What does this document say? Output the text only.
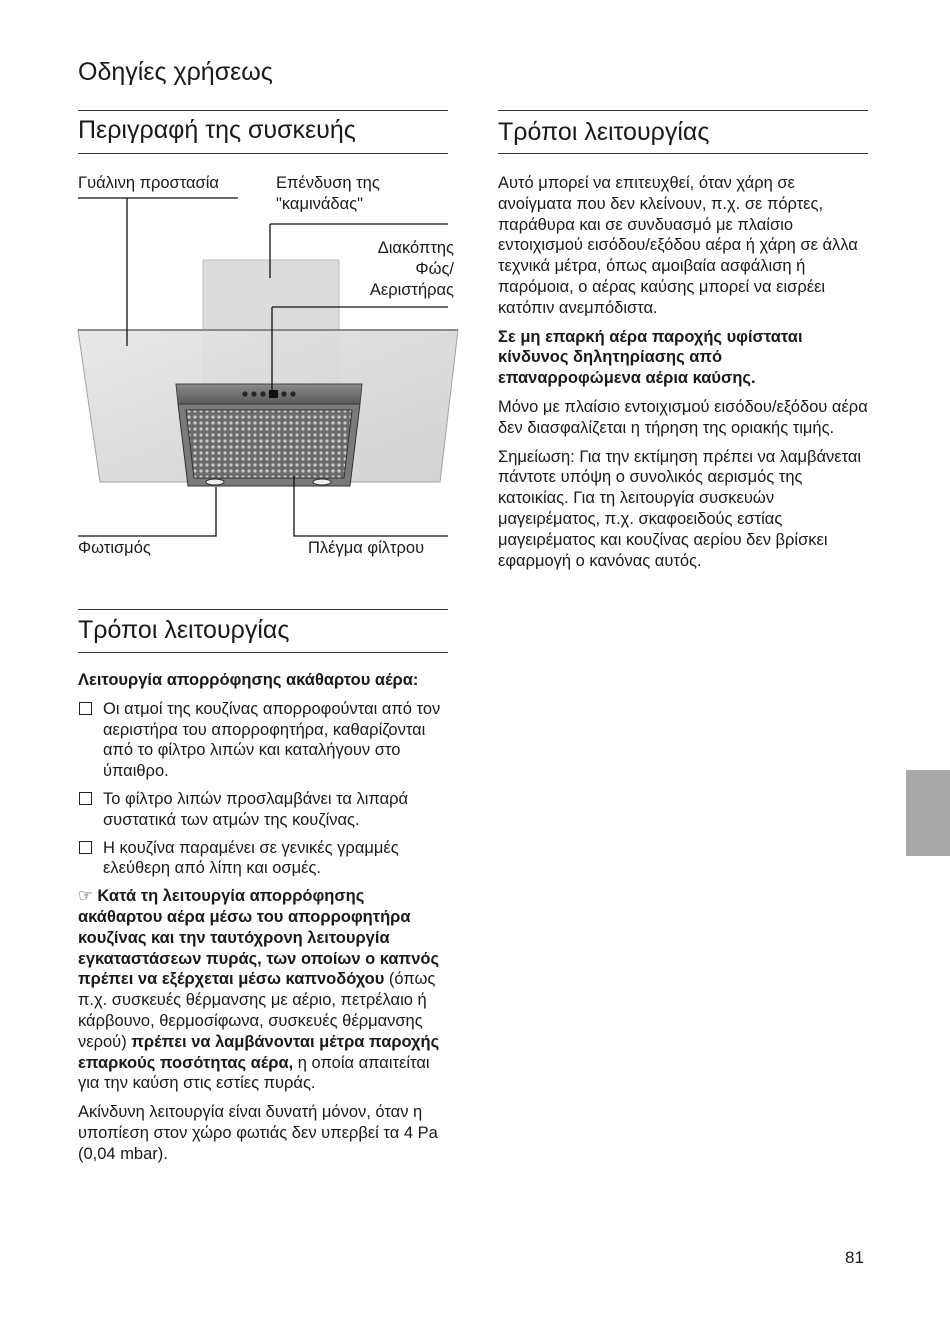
Οδηγίες χρήσεως
Περιγραφή της συσκευής
Γυάλινη προστασία	Επένδυση της
"καμινάδας"
Διακόπτης
Φώς/
Αεριστήρας
Φωτισμός	Πλέγμα φίλτρου
Τρόποι λειτουργίας

Λειτουργία απορρόφησης ακάθαρτου αέρα:

Οι ατμοί της κουζίνας απορροφούνται από τον αεριστήρα του απορροφητήρα, καθαρίζονται από το φίλτρο λιπών και καταλήγουν στο ύπαιθρο.
Το φίλτρο λιπών προσλαμβάνει τα λιπαρά συστατικά των ατμών της κουζίνας.
Η κουζίνα παραμένει σε γενικές γραμμές ελεύθερη από λίπη και οσμές.

☞ Κατά τη λειτουργία απορρόφησης ακάθαρτου αέρα μέσω του απορροφητήρα κουζίνας και την ταυτόχρονη λειτουργία εγκαταστάσεων πυράς, των οποίων ο καπνός πρέπει να εξέρχεται μέσω καπνοδόχου (όπως π.χ. συσκευές θέρμανσης με αέριο, πετρέλαιο ή κάρβουνο, θερμοσίφωνα, συσκευές θέρμανσης νερού) πρέπει να λαμβάνονται μέτρα παροχής επαρκούς ποσότητας αέρα, η οποία απαιτείται για την καύση στις εστίες πυράς.

Ακίνδυνη λειτουργία είναι δυνατή μόνον, όταν η υποπίεση στον χώρο φωτιάς δεν υπερβεί τα 4 Pa (0,04 mbar).

Τρόποι λειτουργίας

Αυτό μπορεί να επιτευχθεί, όταν χάρη σε ανοίγματα που δεν κλείνουν, π.χ. σε πόρτες, παράθυρα και σε συνδυασμό με πλαίσιο εντοιχισμού εισόδου/εξόδου αέρα ή χάρη σε άλλα τεχνικά μέτρα, όπως αμοιβαία ασφάλιση ή παρόμοια, ο αέρας καύσης μπορεί να εισρέει κατόπιν ανεμπόδιστα.

Σε μη επαρκή αέρα παροχής υφίσταται κίνδυνος δηλητηρίασης από επαναρροφώμενα αέρια καύσης.

Μόνο με πλαίσιο εντοιχισμού εισόδου/εξόδου αέρα δεν διασφαλίζεται η τήρηση της οριακής τιμής.

Σημείωση: Για την εκτίμηση πρέπει να λαμβάνεται πάντοτε υπόψη ο συνολικός αερισμός της κατοικίας. Για τη λειτουργία συσκευών μαγειρέματος, π.χ. σκαφοειδούς εστίας μαγειρέματος και κουζίνας αερίου δεν βρίσκει εφαρμογή ο κανόνας αυτός.

81
